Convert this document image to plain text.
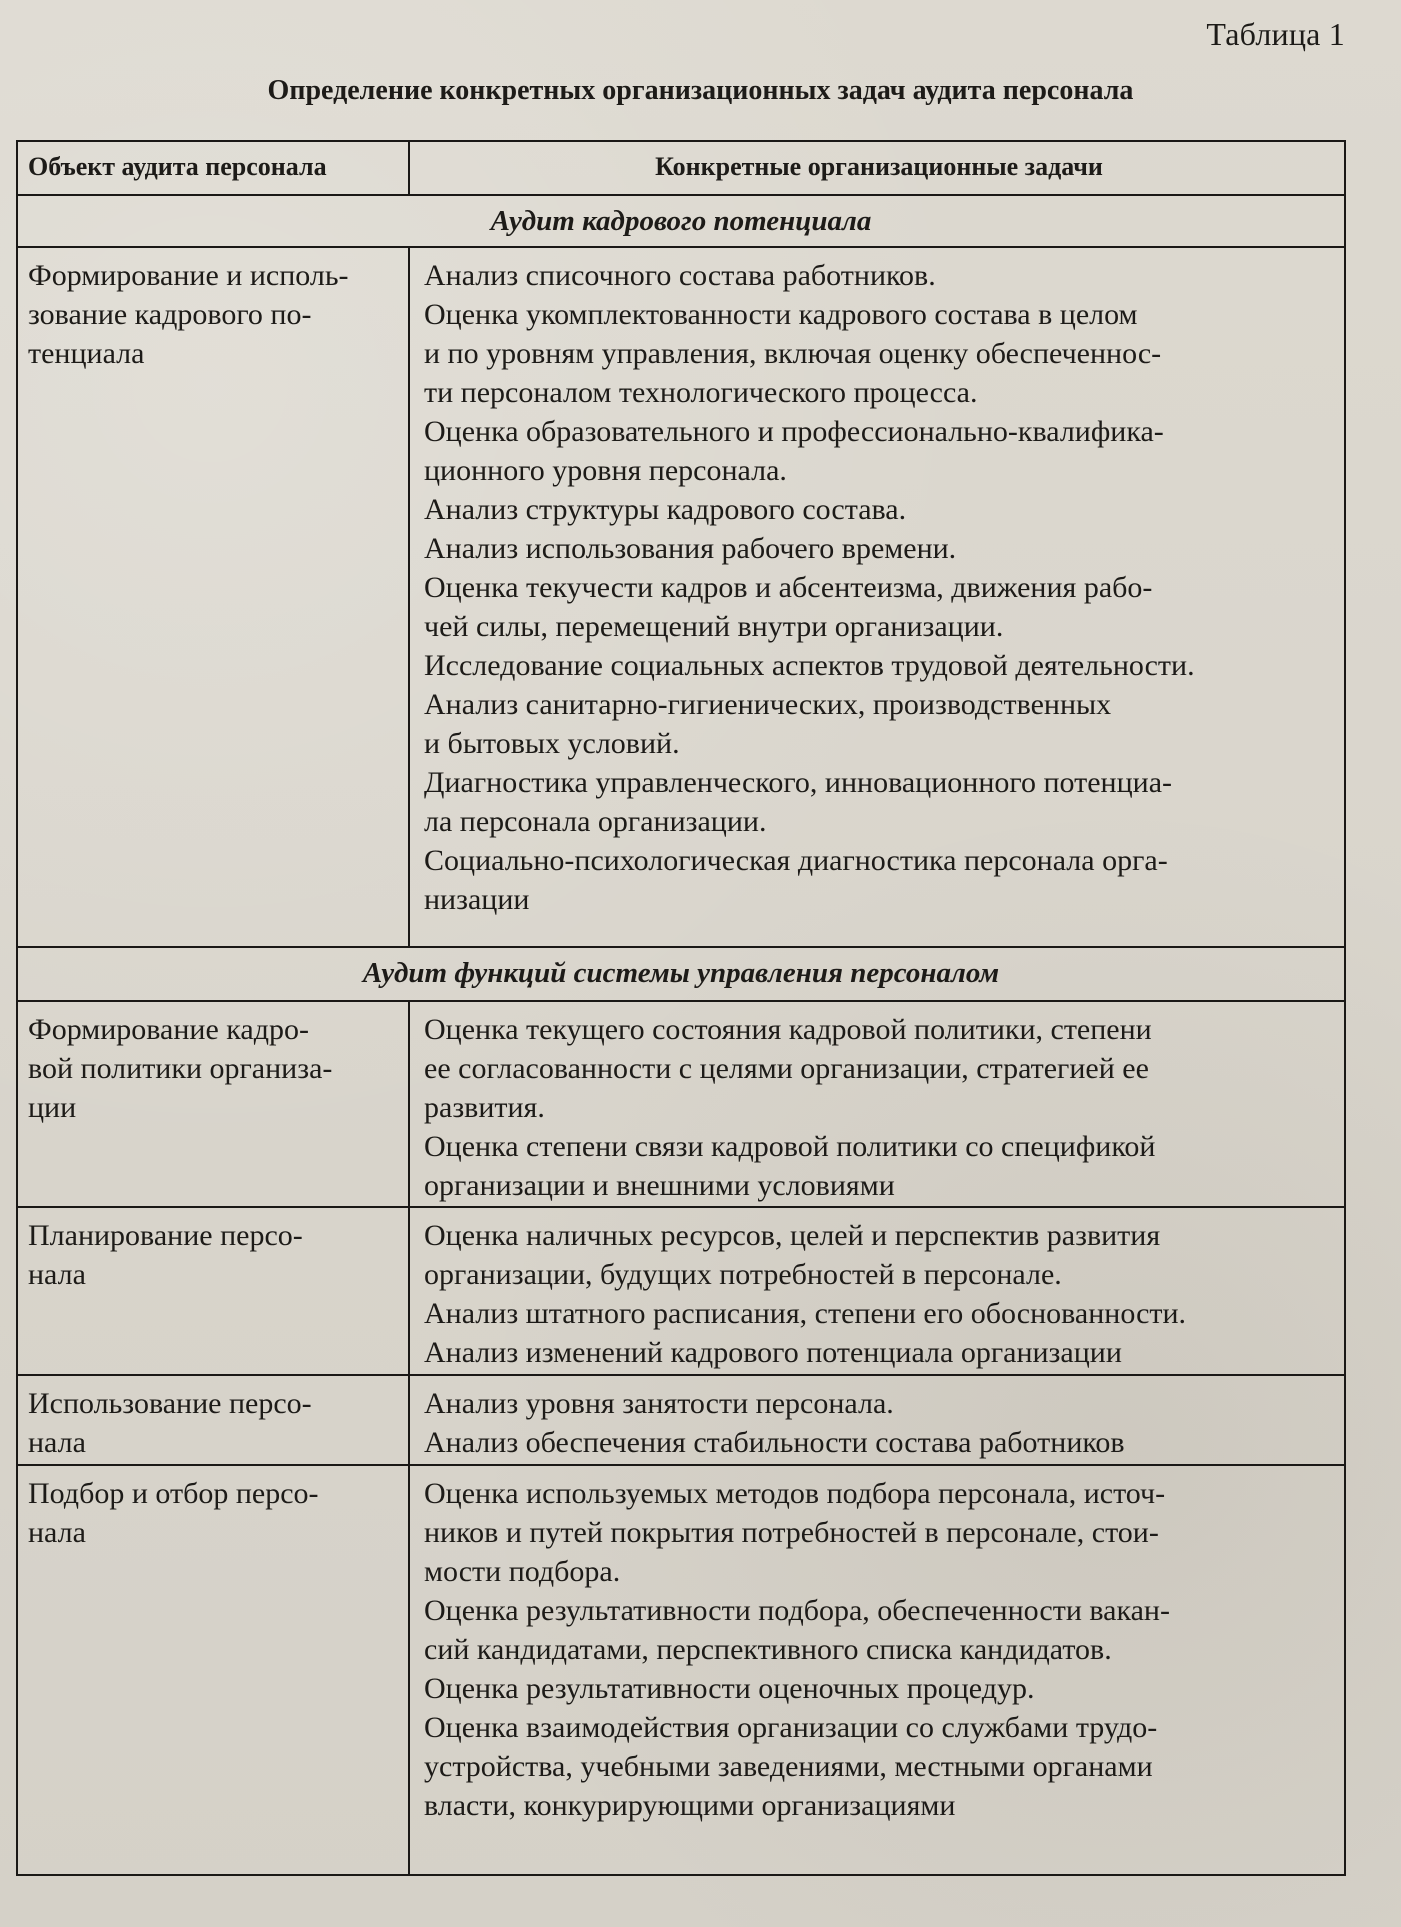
Таблица 1
Определение конкретных организационных задач аудита персонала
Объект аудита персонала	Конкретные организационные задачи
Аудит кадрового потенциала
Формирование и исполь-
зование кадрового по-
тенциала
Анализ списочного состава работников.
Оценка укомплектованности кадрового состава в целом
и по уровням управления, включая оценку обеспеченнос-
ти персоналом технологического процесса.
Оценка образовательного и профессионально-квалифика-
ционного уровня персонала.
Анализ структуры кадрового состава.
Анализ использования рабочего времени.
Оценка текучести кадров и абсентеизма, движения рабо-
чей силы, перемещений внутри организации.
Исследование социальных аспектов трудовой деятельности.
Анализ санитарно-гигиенических, производственных
и бытовых условий.
Диагностика управленческого, инновационного потенциа-
ла персонала организации.
Социально-психологическая диагностика персонала орга-
низации
Аудит функций системы управления персоналом
Формирование кадро-
вой политики организа-
ции
Оценка текущего состояния кадровой политики, степени
ее согласованности с целями организации, стратегией ее
развития.
Оценка степени связи кадровой политики со спецификой
организации и внешними условиями
Планирование персо-
нала
Оценка наличных ресурсов, целей и перспектив развития
организации, будущих потребностей в персонале.
Анализ штатного расписания, степени его обоснованности.
Анализ изменений кадрового потенциала организации
Использование персо-
нала
Анализ уровня занятости персонала.
Анализ обеспечения стабильности состава работников
Подбор и отбор персо-
нала
Оценка используемых методов подбора персонала, источ-
ников и путей покрытия потребностей в персонале, стои-
мости подбора.
Оценка результативности подбора, обеспеченности вакан-
сий кандидатами, перспективного списка кандидатов.
Оценка результативности оценочных процедур.
Оценка взаимодействия организации со службами трудо-
устройства, учебными заведениями, местными органами
власти, конкурирующими организациями
